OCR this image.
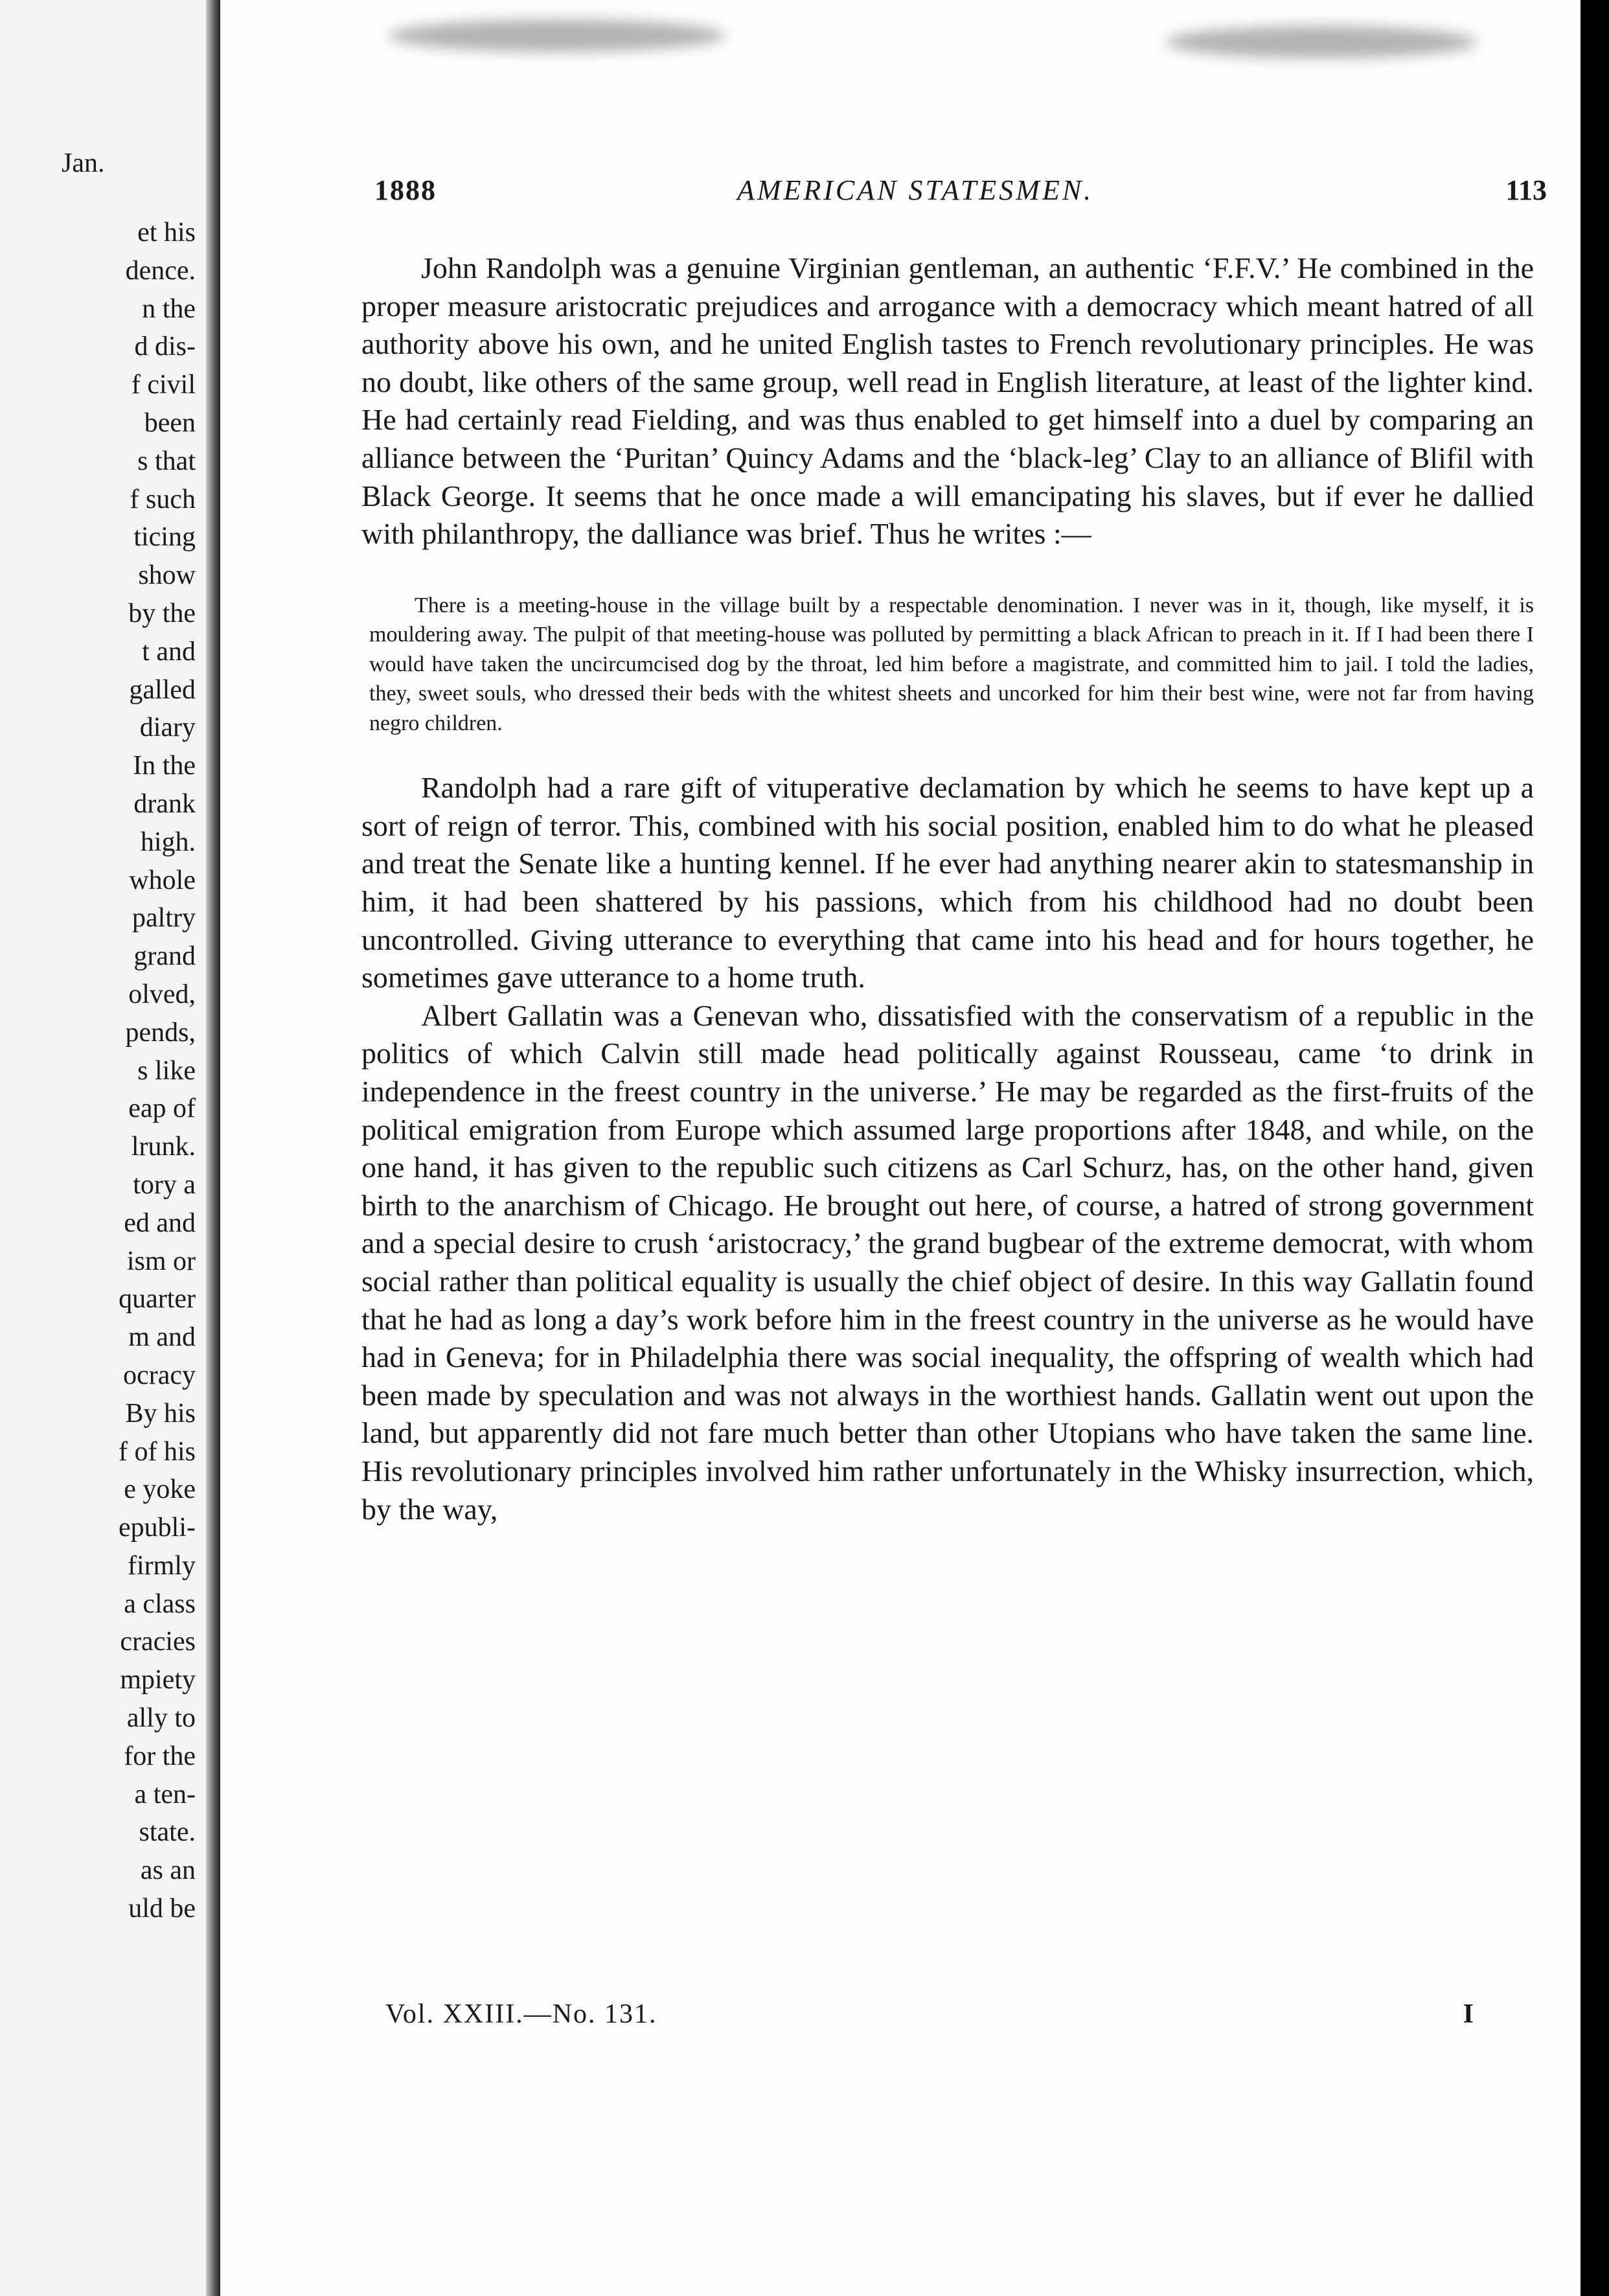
Jan.

et his
dence.
n the
d dis-
f civil
been
s that
f such
ticing
show
by the
t and
galled
diary
In the
drank
high.
whole
paltry
grand
olved,
pends,
s like
eap of
lrunk.
tory a
ed and
ism or
quarter
m and
ocracy
By his
f of his
e yoke
epubli-
firmly
a class
cracies
mpiety
ally to
for the
a ten-
state.
as an
uld be

1888	AMERICAN STATESMEN.	113

John Randolph was a genuine Virginian gentleman, an authentic ‘F.F.V.’ He combined in the proper measure aristocratic prejudices and arrogance with a democracy which meant hatred of all authority above his own, and he united English tastes to French revolutionary principles. He was no doubt, like others of the same group, well read in English literature, at least of the lighter kind. He had certainly read Fielding, and was thus enabled to get himself into a duel by comparing an alliance between the ‘Puritan’ Quincy Adams and the ‘black-leg’ Clay to an alliance of Blifil with Black George. It seems that he once made a will emancipating his slaves, but if ever he dallied with philanthropy, the dalliance was brief. Thus he writes :—

There is a meeting-house in the village built by a respectable denomination. I never was in it, though, like myself, it is mouldering away. The pulpit of that meeting-house was polluted by permitting a black African to preach in it. If I had been there I would have taken the uncircumcised dog by the throat, led him before a magistrate, and committed him to jail. I told the ladies, they, sweet souls, who dressed their beds with the whitest sheets and uncorked for him their best wine, were not far from having negro children.

Randolph had a rare gift of vituperative declamation by which he seems to have kept up a sort of reign of terror. This, combined with his social position, enabled him to do what he pleased and treat the Senate like a hunting kennel. If he ever had anything nearer akin to statesmanship in him, it had been shattered by his passions, which from his childhood had no doubt been uncontrolled. Giving utterance to everything that came into his head and for hours together, he sometimes gave utterance to a home truth.

Albert Gallatin was a Genevan who, dissatisfied with the conservatism of a republic in the politics of which Calvin still made head politically against Rousseau, came ‘to drink in independence in the freest country in the universe.’ He may be regarded as the first-fruits of the political emigration from Europe which assumed large proportions after 1848, and while, on the one hand, it has given to the republic such citizens as Carl Schurz, has, on the other hand, given birth to the anarchism of Chicago. He brought out here, of course, a hatred of strong government and a special desire to crush ‘aristocracy,’ the grand bugbear of the extreme democrat, with whom social rather than political equality is usually the chief object of desire. In this way Gallatin found that he had as long a day’s work before him in the freest country in the universe as he would have had in Geneva; for in Philadelphia there was social inequality, the offspring of wealth which had been made by speculation and was not always in the worthiest hands. Gallatin went out upon the land, but apparently did not fare much better than other Utopians who have taken the same line. His revolutionary principles involved him rather unfortunately in the Whisky insurrection, which, by the way,

Vol. XXIII.—No. 131.	I
